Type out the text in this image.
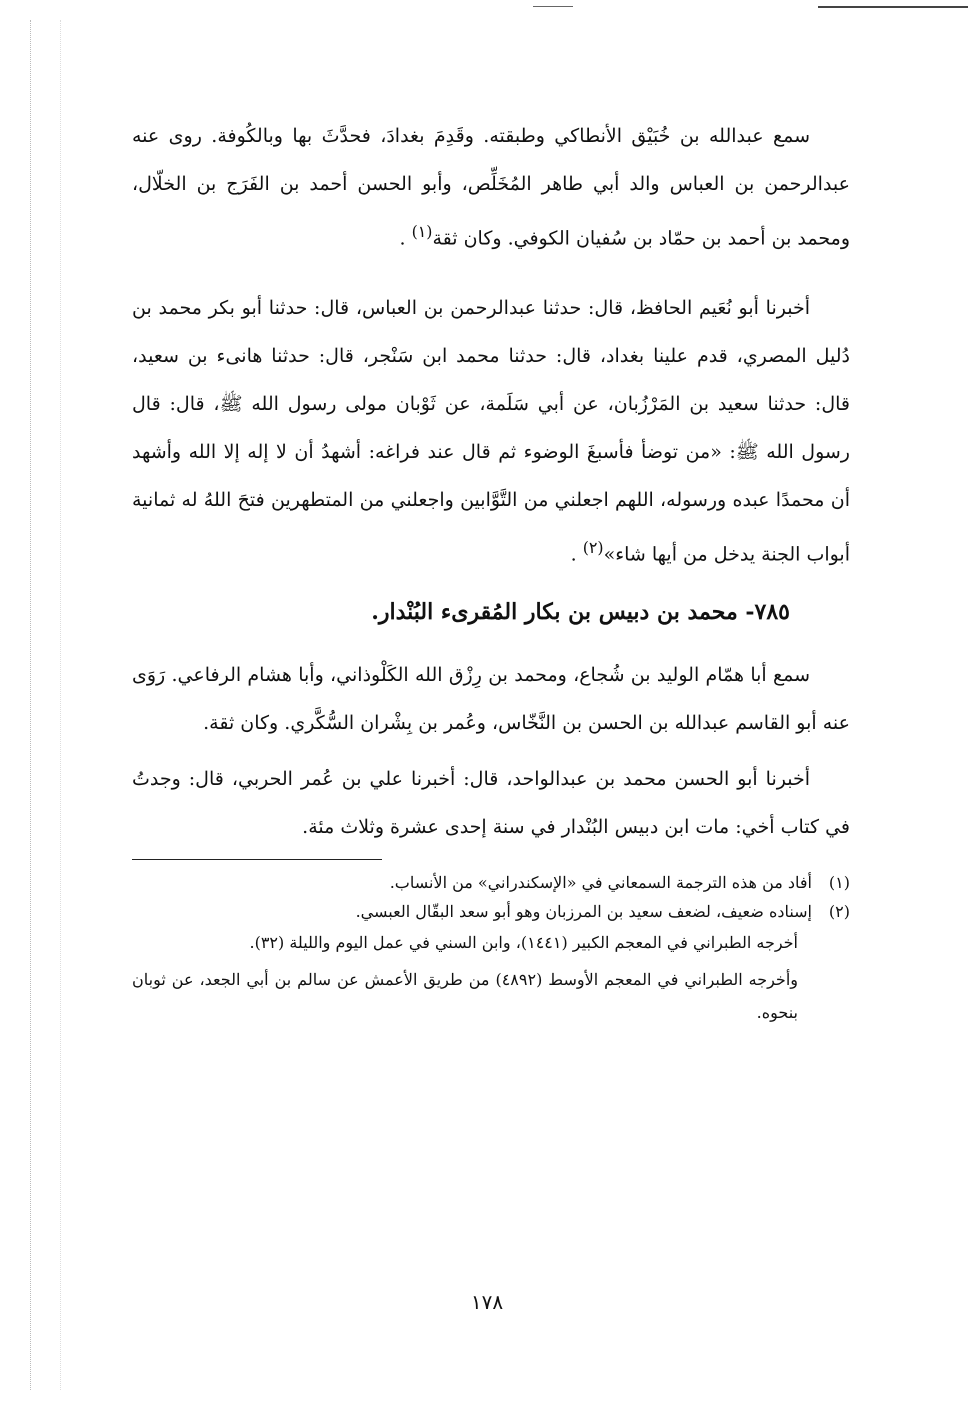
سمع عبدالله بن خُبَيْق الأنطاكي وطبقته. وقَدِمَ بغدادَ، فحدَّثَ بها وبالكُوفة. روى عنه عبدالرحمن بن العباس والد أبي طاهر المُخَلِّص، وأبو الحسن أحمد بن الفَرَج بن الخلّال، ومحمد بن أحمد بن حمّاد بن سُفيان الكوفي. وكان ثقة$^{(١)}$ .

أخبرنا أبو نُعَيم الحافظ، قال: حدثنا عبدالرحمن بن العباس، قال: حدثنا أبو بكر محمد بن دُليل المصري، قدم علينا بغداد، قال: حدثنا محمد ابن سَنْجر، قال: حدثنا هانىء بن سعيد، قال: حدثنا سعيد بن المَرْزُبان، عن أبي سَلَمة، عن ثَوْبان مولى رسول الله ﷺ، قال: قال رسول الله ﷺ: «من توضأ فأسبغَ الوضوء ثم قال عند فراغه: أشهدُ أن لا إله إلا الله وأشهد أن محمدًا عبده ورسوله، اللهم اجعلني من التَّوَّابين واجعلني من المتطهرين فتحَ اللهُ له ثمانية أبواب الجنة يدخل من أيها شاء»$^{(٢)}$ .

٧٨٥- محمد بن دبيس بن بكار المُقرىء البُنْدار.

سمع أبا همّام الوليد بن شُجاع، ومحمد بن رِزْق الله الكَلْوذاني، وأبا هشام الرفاعي. رَوَى عنه أبو القاسم عبدالله بن الحسن بن النَّخّاس، وعُمر بن بِشْران السُّكَّري. وكان ثقة.

أخبرنا أبو الحسن محمد بن عبدالواحد، قال: أخبرنا علي بن عُمر الحربي، قال: وجدتُ في كتاب أخي: مات ابن دبيس البُنْدار في سنة إحدى عشرة وثلاث مئة.

(١)أفاد من هذه الترجمة السمعاني في «الإسكندراني» من الأنساب.

(٢)إسناده ضعيف، لضعف سعيد بن المرزبان وهو أبو سعد البقّال العبسي.

أخرجه الطبراني في المعجم الكبير (١٤٤١)، وابن السني في عمل اليوم والليلة (٣٢).

وأخرجه الطبراني في المعجم الأوسط (٤٨٩٢) من طريق الأعمش عن سالم بن أبي الجعد، عن ثوبان بنحوه.

١٧٨
